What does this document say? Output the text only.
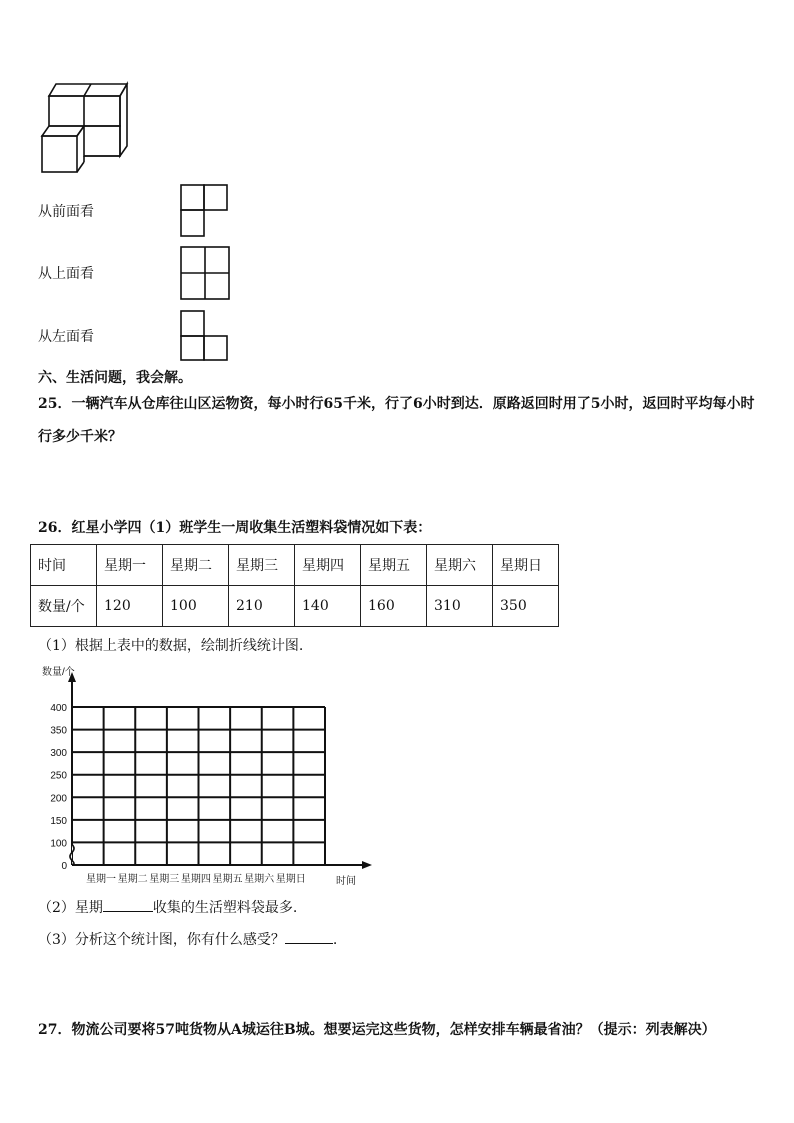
从前面看
从上面看
从左面看
六、生活问题，我会解。
25．一辆汽车从仓库往山区运物资，每小时行65千米，行了6小时到达．原路返回时用了5小时，返回时平均每小时
行多少千米？
26．红星小学四（1）班学生一周收集生活塑料袋情况如下表：
时间	星期一	星期二	星期三	星期四	星期五	星期六	星期日
数量/个	120	100	210	140	160	310	350
（1）根据上表中的数据，绘制折线统计图.
400
350
300
250
200
150
100
0
数量/个
星期一 星期二 星期三 星期四 星期五 星期六 星期日	时间
（2）星期	收集的生活塑料袋最多.
（3）分析这个统计图，你有什么感受？	.
27．物流公司要将57吨货物从A城运往B城。想要运完这些货物，怎样安排车辆最省油？（提示：列表解决）
